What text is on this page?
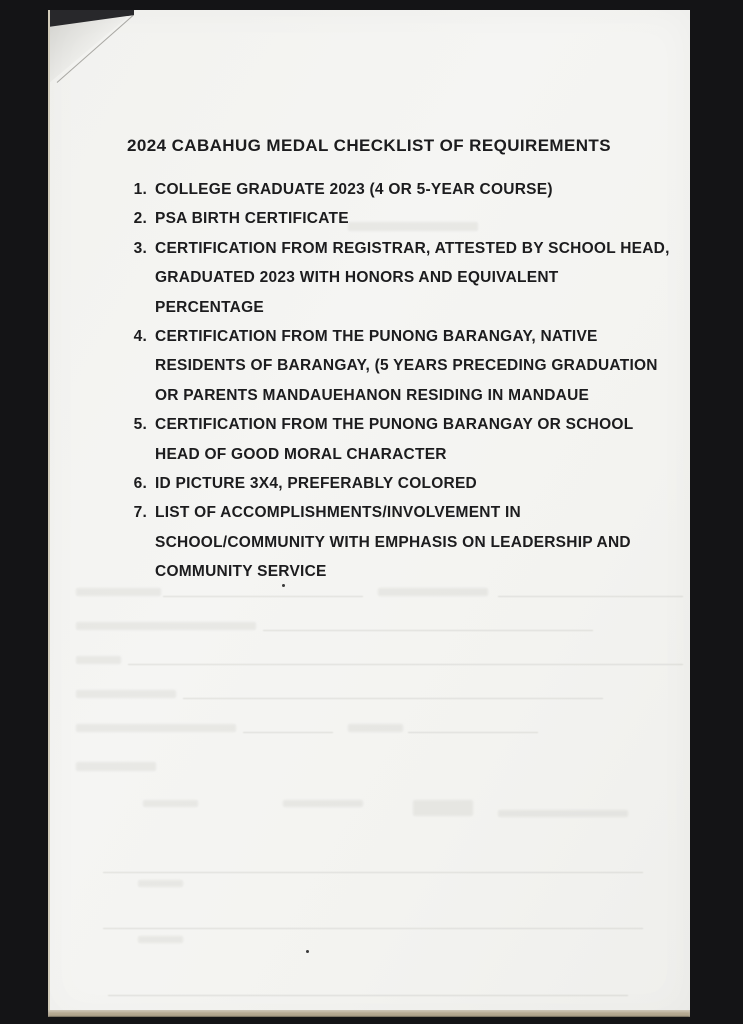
2024 CABAHUG MEDAL CHECKLIST OF REQUIREMENTS
1. COLLEGE GRADUATE 2023 (4 OR 5-YEAR COURSE)
2. PSA BIRTH CERTIFICATE
3. CERTIFICATION FROM REGISTRAR, ATTESTED BY SCHOOL HEAD,
GRADUATED 2023 WITH HONORS AND EQUIVALENT
PERCENTAGE
4. CERTIFICATION FROM THE PUNONG BARANGAY, NATIVE
RESIDENTS OF BARANGAY, (5 YEARS PRECEDING GRADUATION
OR PARENTS MANDAUEHANON RESIDING IN MANDAUE
5. CERTIFICATION FROM THE PUNONG BARANGAY OR SCHOOL
HEAD OF GOOD MORAL CHARACTER
6. ID PICTURE 3X4, PREFERABLY COLORED
7. LIST OF ACCOMPLISHMENTS/INVOLVEMENT IN
SCHOOL/COMMUNITY WITH EMPHASIS ON LEADERSHIP AND
COMMUNITY SERVICE
